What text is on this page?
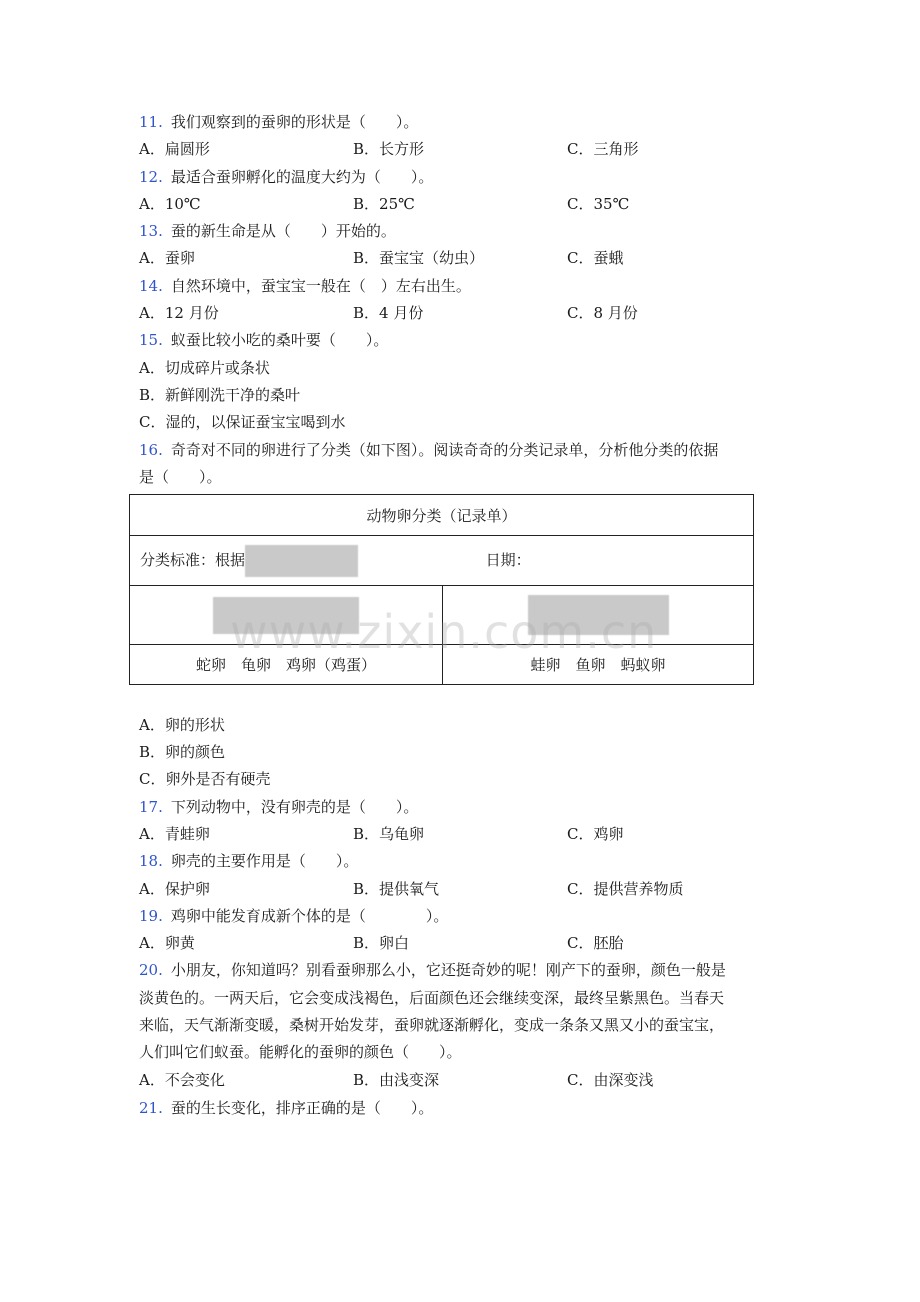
11. 我们观察到的蚕卵的形状是（　　）。
A．扁圆形	B．长方形	C．三角形
12. 最适合蚕卵孵化的温度大约为（　　）。
A．10℃	B．25℃	C．35℃
13. 蚕的新生命是从（　　）开始的。
A．蚕卵	B．蚕宝宝（幼虫）	C．蚕蛾
14. 自然环境中，蚕宝宝一般在（　）左右出生。
A．12 月份	B．4 月份	C．8 月份
15. 蚁蚕比较小吃的桑叶要（　　）。
A．切成碎片或条状
B．新鲜刚洗干净的桑叶
C．湿的，以保证蚕宝宝喝到水
16. 奇奇对不同的卵进行了分类（如下图）。阅读奇奇的分类记录单，分析他分类的依据
是（　　）。
动物卵分类（记录单）	
分类标准：根据 日期：	

蛇卵　龟卵　鸡卵（鸡蛋）	蛙卵　鱼卵　蚂蚁卵
www.zixin.com.cn
A．卵的形状
B．卵的颜色
C．卵外是否有硬壳
17. 下列动物中，没有卵壳的是（　　）。
A．青蛙卵	B．乌龟卵	C．鸡卵
18. 卵壳的主要作用是（　　）。
A．保护卵	B．提供氧气	C．提供营养物质
19. 鸡卵中能发育成新个体的是（　　　　）。
A．卵黄	B．卵白	C．胚胎
20. 小朋友，你知道吗？别看蚕卵那么小，它还挺奇妙的呢！刚产下的蚕卵，颜色一般是
淡黄色的。一两天后，它会变成浅褐色，后面颜色还会继续变深，最终呈紫黑色。当春天
来临，天气渐渐变暖，桑树开始发芽，蚕卵就逐渐孵化，变成一条条又黑又小的蚕宝宝，
人们叫它们蚁蚕。能孵化的蚕卵的颜色（　　）。
A．不会变化	B．由浅变深	C．由深变浅
21. 蚕的生长变化，排序正确的是（　　）。
